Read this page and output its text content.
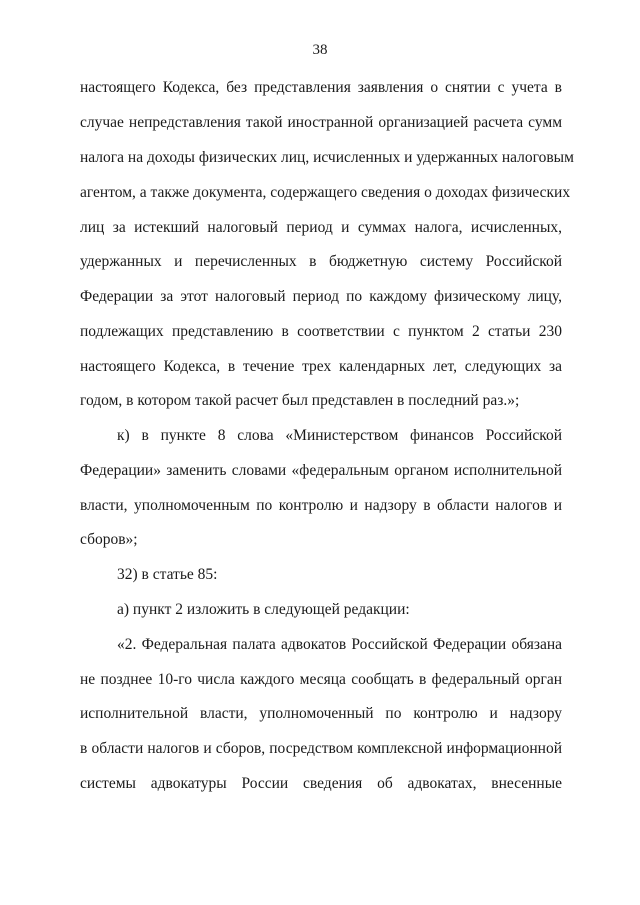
38
настоящего Кодекса, без представления заявления о снятии с учета в
случае непредставления такой иностранной организацией расчета сумм
налога на доходы физических лиц, исчисленных и удержанных налоговым
агентом, а также документа, содержащего сведения о доходах физических
лиц за истекший налоговый период и суммах налога, исчисленных,
удержанных и перечисленных в бюджетную систему Российской
Федерации за этот налоговый период по каждому физическому лицу,
подлежащих представлению в соответствии с пунктом 2 статьи 230
настоящего Кодекса, в течение трех календарных лет, следующих за
годом, в котором такой расчет был представлен в последний раз.»;
к) в пункте 8 слова «Министерством финансов Российской
Федерации» заменить словами «федеральным органом исполнительной
власти, уполномоченным по контролю и надзору в области налогов и
сборов»;
32) в статье 85:
а) пункт 2 изложить в следующей редакции:
«2. Федеральная палата адвокатов Российской Федерации обязана
не позднее 10-го числа каждого месяца сообщать в федеральный орган
исполнительной власти, уполномоченный по контролю и надзору
в области налогов и сборов, посредством комплексной информационной
системы адвокатуры России сведения об адвокатах, внесенные
